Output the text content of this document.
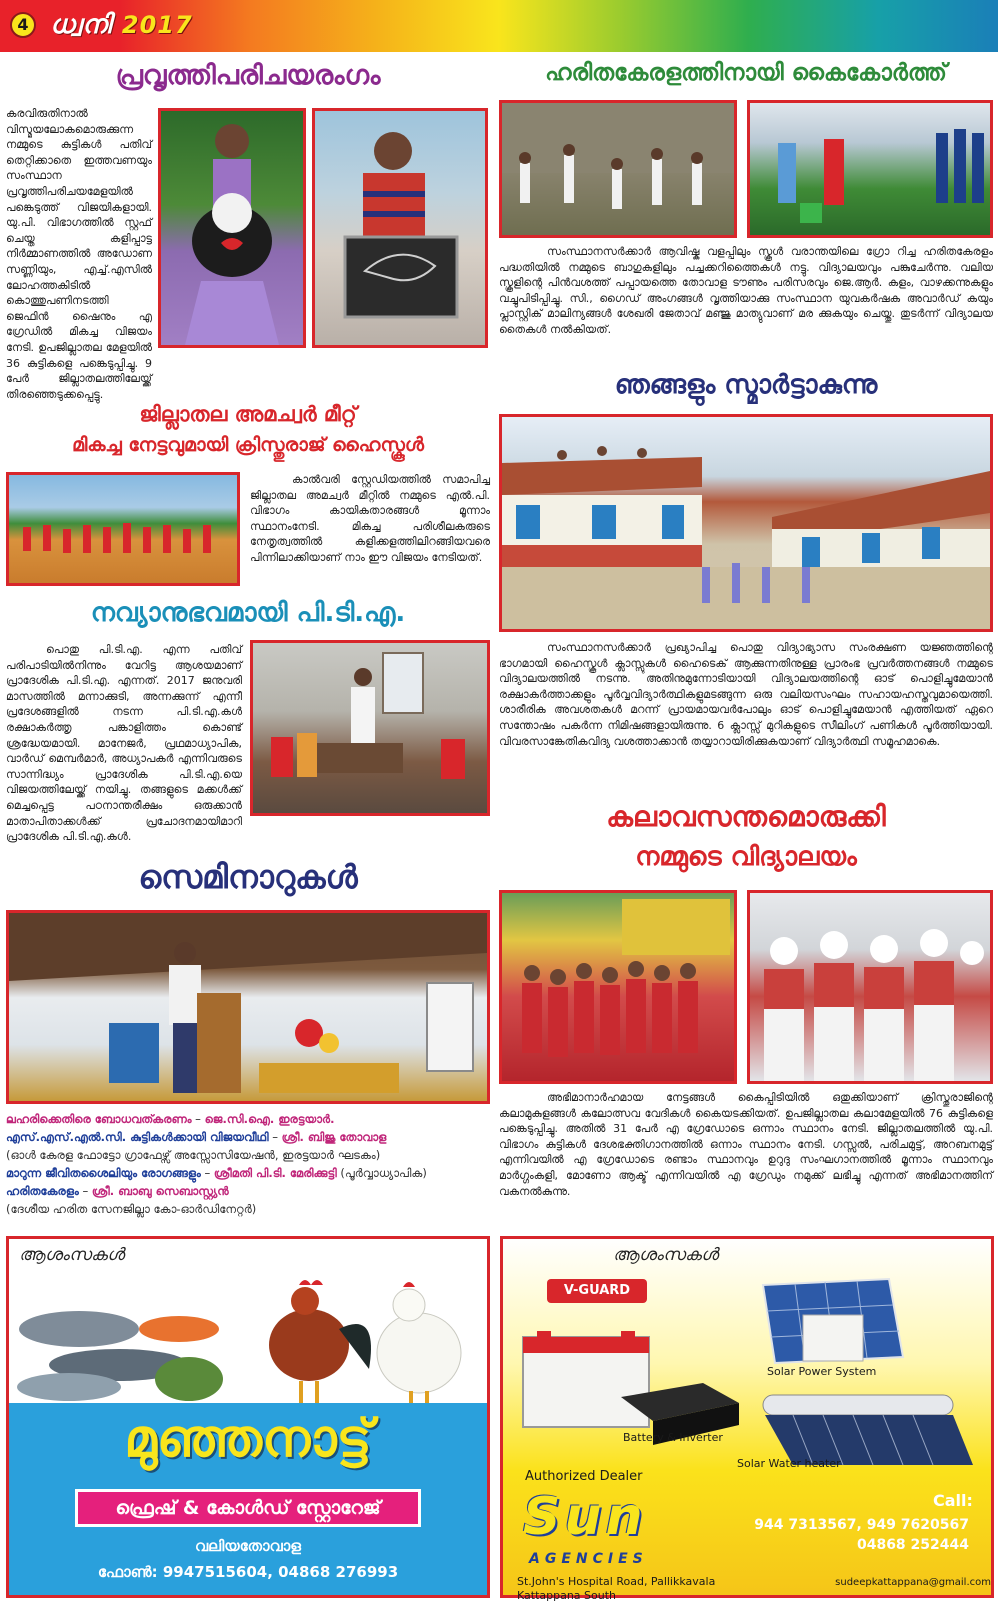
4 ധ്വനി 2017
പ്രവൃത്തിപരിചയരംഗം
കരവിരുതിനാൽ വിസ്മയലോകമൊരുക്കുന്ന നമ്മുടെ കുട്ടികൾ പതിവ് തെറ്റിക്കാതെ ഇത്തവണയും സംസ്ഥാന പ്രവൃത്തിപരിചയമേളയിൽ പങ്കെടുത്ത് വിജയികളായി. യു.പി. വിഭാഗത്തിൽ സ്റ്റഫ് ചെയ്ത കളിപ്പാട്ട നിർമ്മാണത്തിൽ അഡോണ സണ്ണിയും, എച്ച്.എസിൽ ലോഹത്തകിടിൽ കൊത്തുപണിനടത്തി ജെഫിൻ ഷൈനും എ ഗ്രേഡിൽ മികച്ച വിജയം നേടി. ഉപജില്ലാതല മേളയിൽ 36 കുട്ടികളെ പങ്കെടുപ്പിച്ചു. 9 പേർ ജില്ലാതലത്തിലേയ്ക്ക് തിരഞ്ഞെടുക്കപ്പെട്ടു.
ഹരിതകേരളത്തിനായി കൈകോർത്ത്
സംസ്ഥാനസർക്കാർ ആവിഷ്ക വളപ്പിലും സ്കൂൾ വരാന്തയിലെ ഗ്രോ റിച്ച ഹരിതകേരളം പദ്ധതിയിൽ നമ്മുടെ ബാഗുകളിലും പച്ചക്കറിത്തൈകൾ നട്ടു. വിദ്യാലയവും പങ്കുചേർന്നു. വലിയ സ്കൂളിന്റെ പിൻവശത്ത് പപ്പായത്തെ തോവാള ടൗണും പരിസരവും ജെ.ആർ. കളം, വാഴക്കന്നുകളും വച്ചുപിടിപ്പിച്ചു. സി., ഗൈഡ് അംഗങ്ങൾ വൃത്തിയാക്കു സംസ്ഥാന യുവകർഷക അവാർഡ് കയും പ്ലാസ്റ്റിക് മാലിന്യങ്ങൾ ശേഖരി ജേതാവ് മഞ്ജു മാത്യുവാണ് മര ക്കുകയും ചെയ്തു. തുടർന്ന് വിദ്യാലയ തൈകൾ നൽകിയത്.
ജില്ലാതല അമച്വർ മീറ്റ്
മികച്ച നേട്ടവുമായി ക്രിസ്തുരാജ് ഹൈസ്കൂൾ
കാൽവരി സ്റ്റേഡിയത്തിൽ സമാപിച്ച ജില്ലാതല അമച്വർ മീറ്റിൽ നമ്മുടെ എൽ.പി. വിഭാഗം കായികതാരങ്ങൾ മൂന്നാം സ്ഥാനംനേടി. മികച്ച പരിശീലകരുടെ നേതൃത്വത്തിൽ കളിക്കളത്തിലിറങ്ങിയവരെ പിന്നിലാക്കിയാണ് നാം ഈ വിജയം നേടിയത്.
ഞങ്ങളും സ്മാർട്ടാകുന്നു
സംസ്ഥാനസർക്കാർ പ്രഖ്യാപിച്ച പൊതു വിദ്യാഭ്യാസ സംരക്ഷണ യജ്ഞത്തിന്റെ ഭാഗമായി ഹൈസ്കൂൾ ക്ലാസ്സുകൾ ഹൈടെക് ആക്കുന്നതിനുള്ള പ്രാരംഭ പ്രവർത്തനങ്ങൾ നമ്മുടെ വിദ്യാലയത്തിൽ നടന്നു. അതിനുമുന്നോടിയായി വിദ്യാലയത്തിന്റെ ഓട് പൊളിച്ചുമേയാൻ രക്ഷാകർത്താക്കളും പൂർവ്വവിദ്യാർത്ഥികളുമടങ്ങുന്ന ഒരു വലിയസംഘം സഹായഹസ്തവുമായെത്തി. ശാരീരിക അവശതകൾ മറന്ന് പ്രായമായവർപോലും ഓട് പൊളിച്ചുമേയാൻ എത്തിയത് ഏറെ സന്തോഷം പകർന്ന നിമിഷങ്ങളായിരുന്നു. 6 ക്ലാസ്സ് മുറികളുടെ സീലിംഗ് പണികൾ പൂർത്തിയായി. വിവരസാങ്കേതികവിദ്യ വശത്താക്കാൻ തയ്യാറായിരിക്കുകയാണ് വിദ്യാർത്ഥി സമൂഹമാകെ.
നവ്യാനുഭവമായി പി.ടി.എ.
പൊതു പി.ടി.എ. എന്ന പതിവ് പരിപാടിയിൽനിന്നും വേറിട്ട ആശയമാണ് പ്രാദേശിക പി.ടി.എ. എന്നത്. 2017 ജനുവരി മാസത്തിൽ മന്നാക്കുടി, അന്നക്കുന്ന് എന്നീ പ്രദേശങ്ങളിൽ നടന്ന പി.ടി.എ.കൾ രക്ഷാകർത്തൃ പങ്കാളിത്തം കൊണ്ട് ശ്രദ്ധേയമായി. മാനേജർ, പ്രഥമാധ്യാപിക, വാർഡ് മെമ്പർമാർ, അധ്യാപകർ എന്നിവരുടെ സാന്നിദ്ധ്യം പ്രാദേശിക പി.ടി.എ.യെ വിജയത്തിലേയ്ക്ക് നയിച്ചു. തങ്ങളുടെ മക്കൾക്ക് മെച്ചപ്പെട്ട പഠനാന്തരീക്ഷം ഒരുക്കാൻ മാതാപിതാക്കൾക്ക് പ്രചോദനമായിമാറി പ്രാദേശിക പി.ടി.എ.കൾ.
കലാവസന്തമൊരുക്കി
നമ്മുടെ വിദ്യാലയം
അഭിമാനാർഹമായ നേട്ടങ്ങൾ കൈപ്പിടിയിൽ ഒതുക്കിയാണ് ക്രിസ്തുരാജിന്റെ കലാമുകുളങ്ങൾ കലോത്സവ വേദികൾ കൈയടക്കിയത്. ഉപജില്ലാതല കലാമേളയിൽ 76 കുട്ടികളെ പങ്കെടുപ്പിച്ചു. അതിൽ 31 പേർ എ ഗ്രേഡോടെ ഒന്നാം സ്ഥാനം നേടി. ജില്ലാതലത്തിൽ യു.പി. വിഭാഗം കുട്ടികൾ ദേശഭക്തിഗാനത്തിൽ ഒന്നാം സ്ഥാനം നേടി. ഗസ്സൽ, പരിചമുട്ട്, അറബനമുട്ട് എന്നിവയിൽ എ ഗ്രേഡോടെ രണ്ടാം സ്ഥാനവും ഉറുദു സംഘഗാനത്തിൽ മൂന്നാം സ്ഥാനവും മാർഗ്ഗംകളി, മോണോ ആക്ട് എന്നിവയിൽ എ ഗ്രേഡും നമുക്ക് ലഭിച്ചു എന്നത് അഭിമാനത്തിന് വകനൽകുന്നു.
സെമിനാറുകൾ
ലഹരിക്കെതിരെ ബോധവത്കരണം – ജെ.സി.ഐ. ഇരട്ടയാർ.
എസ്.എസ്.എൽ.സി. കുട്ടികൾക്കായി വിജയവീഥി – ശ്രീ. ബിജു തോവാള
(ഓൾ കേരള ഫോട്ടോ ഗ്രാഫേഴ്സ് അസ്സോസിയേഷൻ, ഇരട്ടയാർ ഘടകം)
മാറുന്ന ജീവിതശൈലിയും രോഗങ്ങളും – ശ്രീമതി പി.ടി. മേരിക്കുട്ടി (പൂർവ്വാധ്യാപിക)
ഹരിതകേരളം – ശ്രീ. ബാബു സെബാസ്റ്റ്യൻ
(ദേശീയ ഹരിത സേനജില്ലാ കോ-ഓർഡിനേറ്റർ)
ആശംസകൾ
മുഞ്ഞനാട്ട്
ഫ്രെഷ് & കോൾഡ് സ്റ്റോറേജ്
വലിയതോവാള
ഫോൺ: 9947515604, 04868 276993
ആശംസകൾ
V-GUARD
Solar Power System
Battery & Inverter
Solar Water heater
Authorized Dealer
Sun
AGENCIES
St.John's Hospital Road, Pallikkavala
Kattappana South
Call:
944 7313567, 949 7620567
04868 252444
sudeepkattappana@gmail.com
